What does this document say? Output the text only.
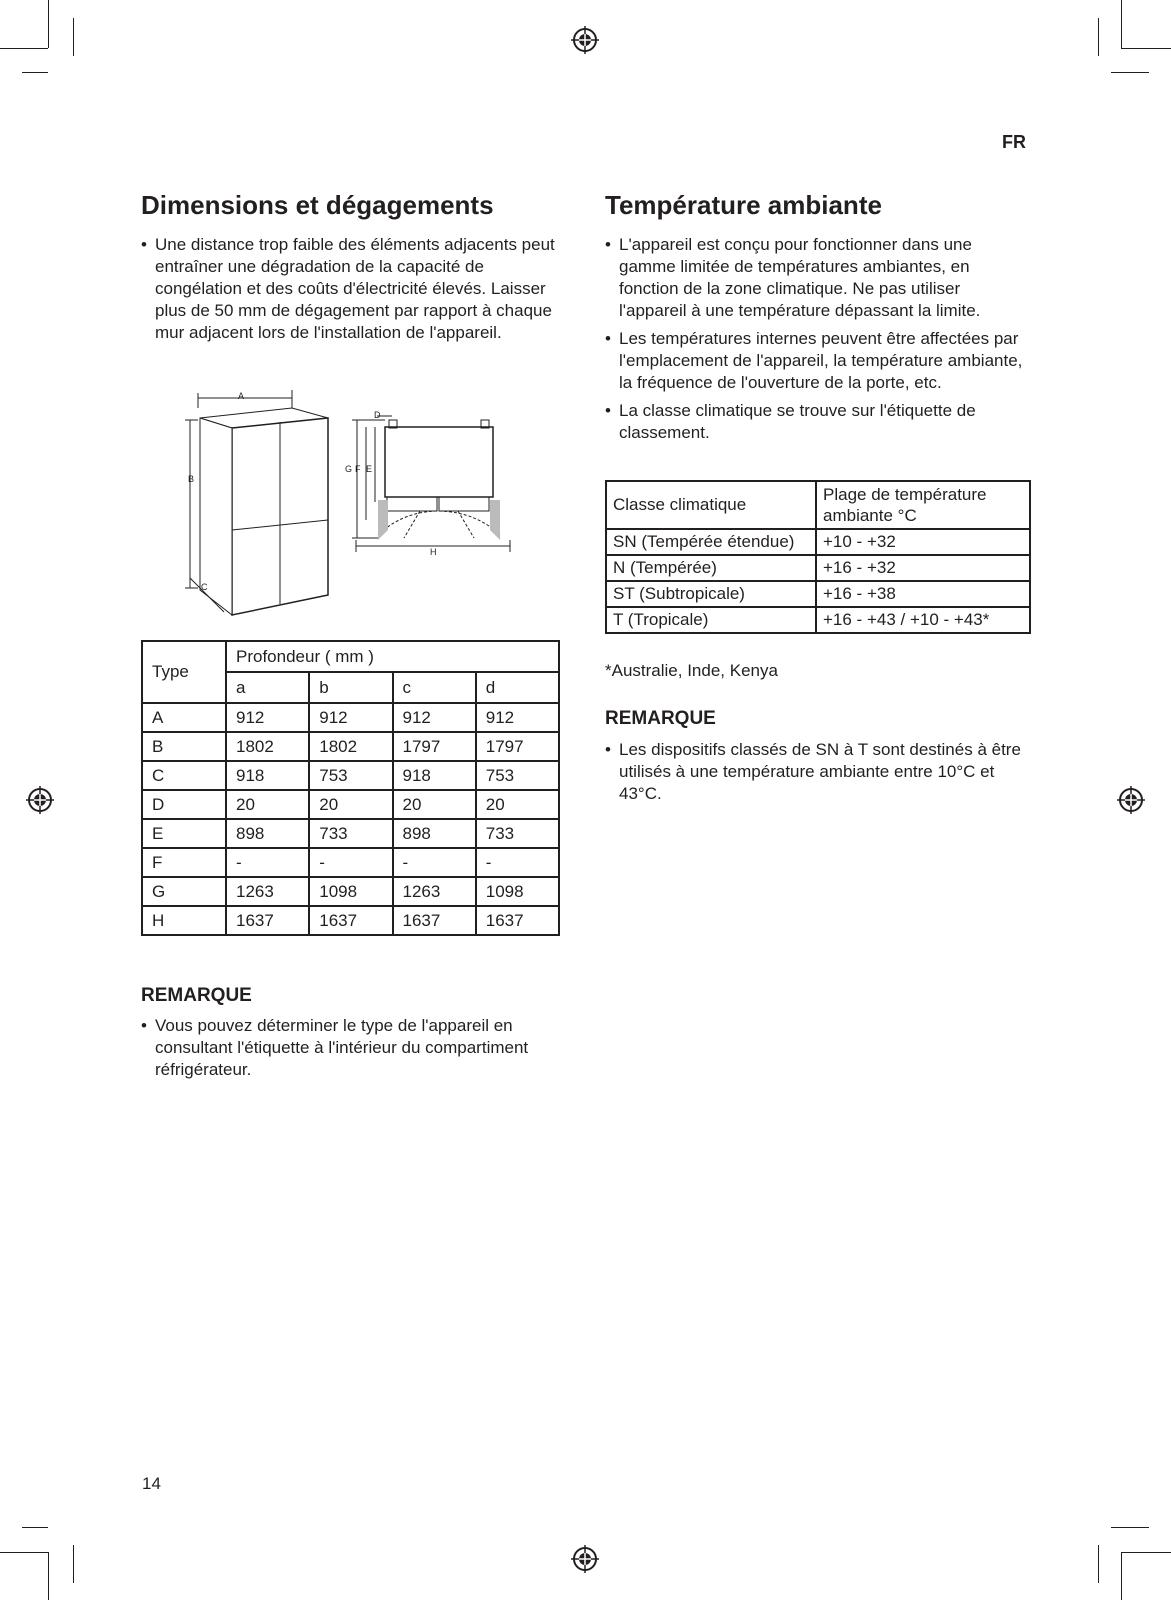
FR
Dimensions et dégagements
• Une distance trop faible des éléments adjacents peut entraîner une dégradation de la capacité de congélation et des coûts d'électricité élevés. Laisser plus de 50 mm de dégagement par rapport à chaque mur adjacent lors de l'installation de l'appareil.
A
B
C
D
G F E
H
Type	Profondeur ( mm )			
	a	b	c	d
A	912	912	912	912
B	1802	1802	1797	1797
C	918	753	918	753
D	20	20	20	20
E	898	733	898	733
F	-	-	-	-
G	1263	1098	1263	1098
H	1637	1637	1637	1637
REMARQUE
• Vous pouvez déterminer le type de l'appareil en consultant l'étiquette à l'intérieur du compartiment réfrigérateur.
Température ambiante
• L'appareil est conçu pour fonctionner dans une gamme limitée de températures ambiantes, en fonction de la zone climatique. Ne pas utiliser l'appareil à une température dépassant la limite.
• Les températures internes peuvent être affectées par l'emplacement de l'appareil, la température ambiante, la fréquence de l'ouverture de la porte, etc.
• La classe climatique se trouve sur l'étiquette de classement.
Classe climatique	Plage de température ambiante °C
SN (Tempérée étendue)	+10 - +32
N (Tempérée)	+16 - +32
ST (Subtropicale)	+16 - +38
T (Tropicale)	+16 - +43 / +10 - +43*
*Australie, Inde, Kenya
REMARQUE
• Les dispositifs classés de SN à T sont destinés à être utilisés à une température ambiante entre 10°C et 43°C.
14
